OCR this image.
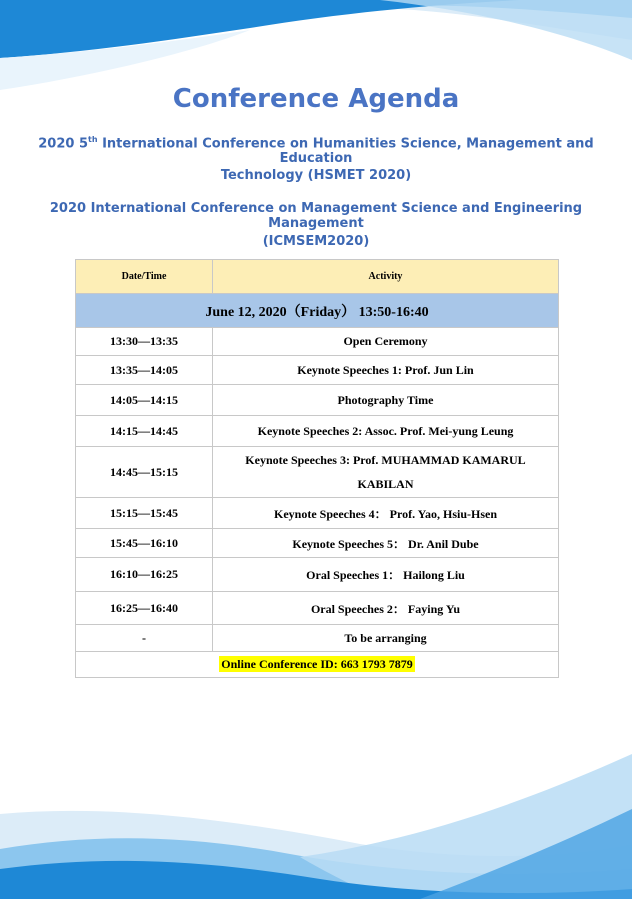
Conference Agenda

2020 5th International Conference on Humanities Science, Management and Education

Technology (HSMET 2020)

2020 International Conference on Management Science and Engineering Management

(ICMSEM2020)

Date/Time	Activity
June 12, 2020（Friday） 13:50-16:40	
13:30—13:35	Open Ceremony
13:35—14:05	Keynote Speeches 1: Prof. Jun Lin
14:05—14:15	Photography Time
14:15—14:45	Keynote Speeches 2: Assoc. Prof. Mei-yung Leung
14:45—15:15	Keynote Speeches 3: Prof. MUHAMMAD KAMARUL KABILAN
15:15—15:45	Keynote Speeches 4： Prof. Yao, Hsiu-Hsen
15:45—16:10	Keynote Speeches 5： Dr. Anil Dube
16:10—16:25	Oral Speeches 1： Hailong Liu
16:25—16:40	Oral Speeches 2： Faying Yu
-	To be arranging
Online Conference ID: 663 1793 7879	
